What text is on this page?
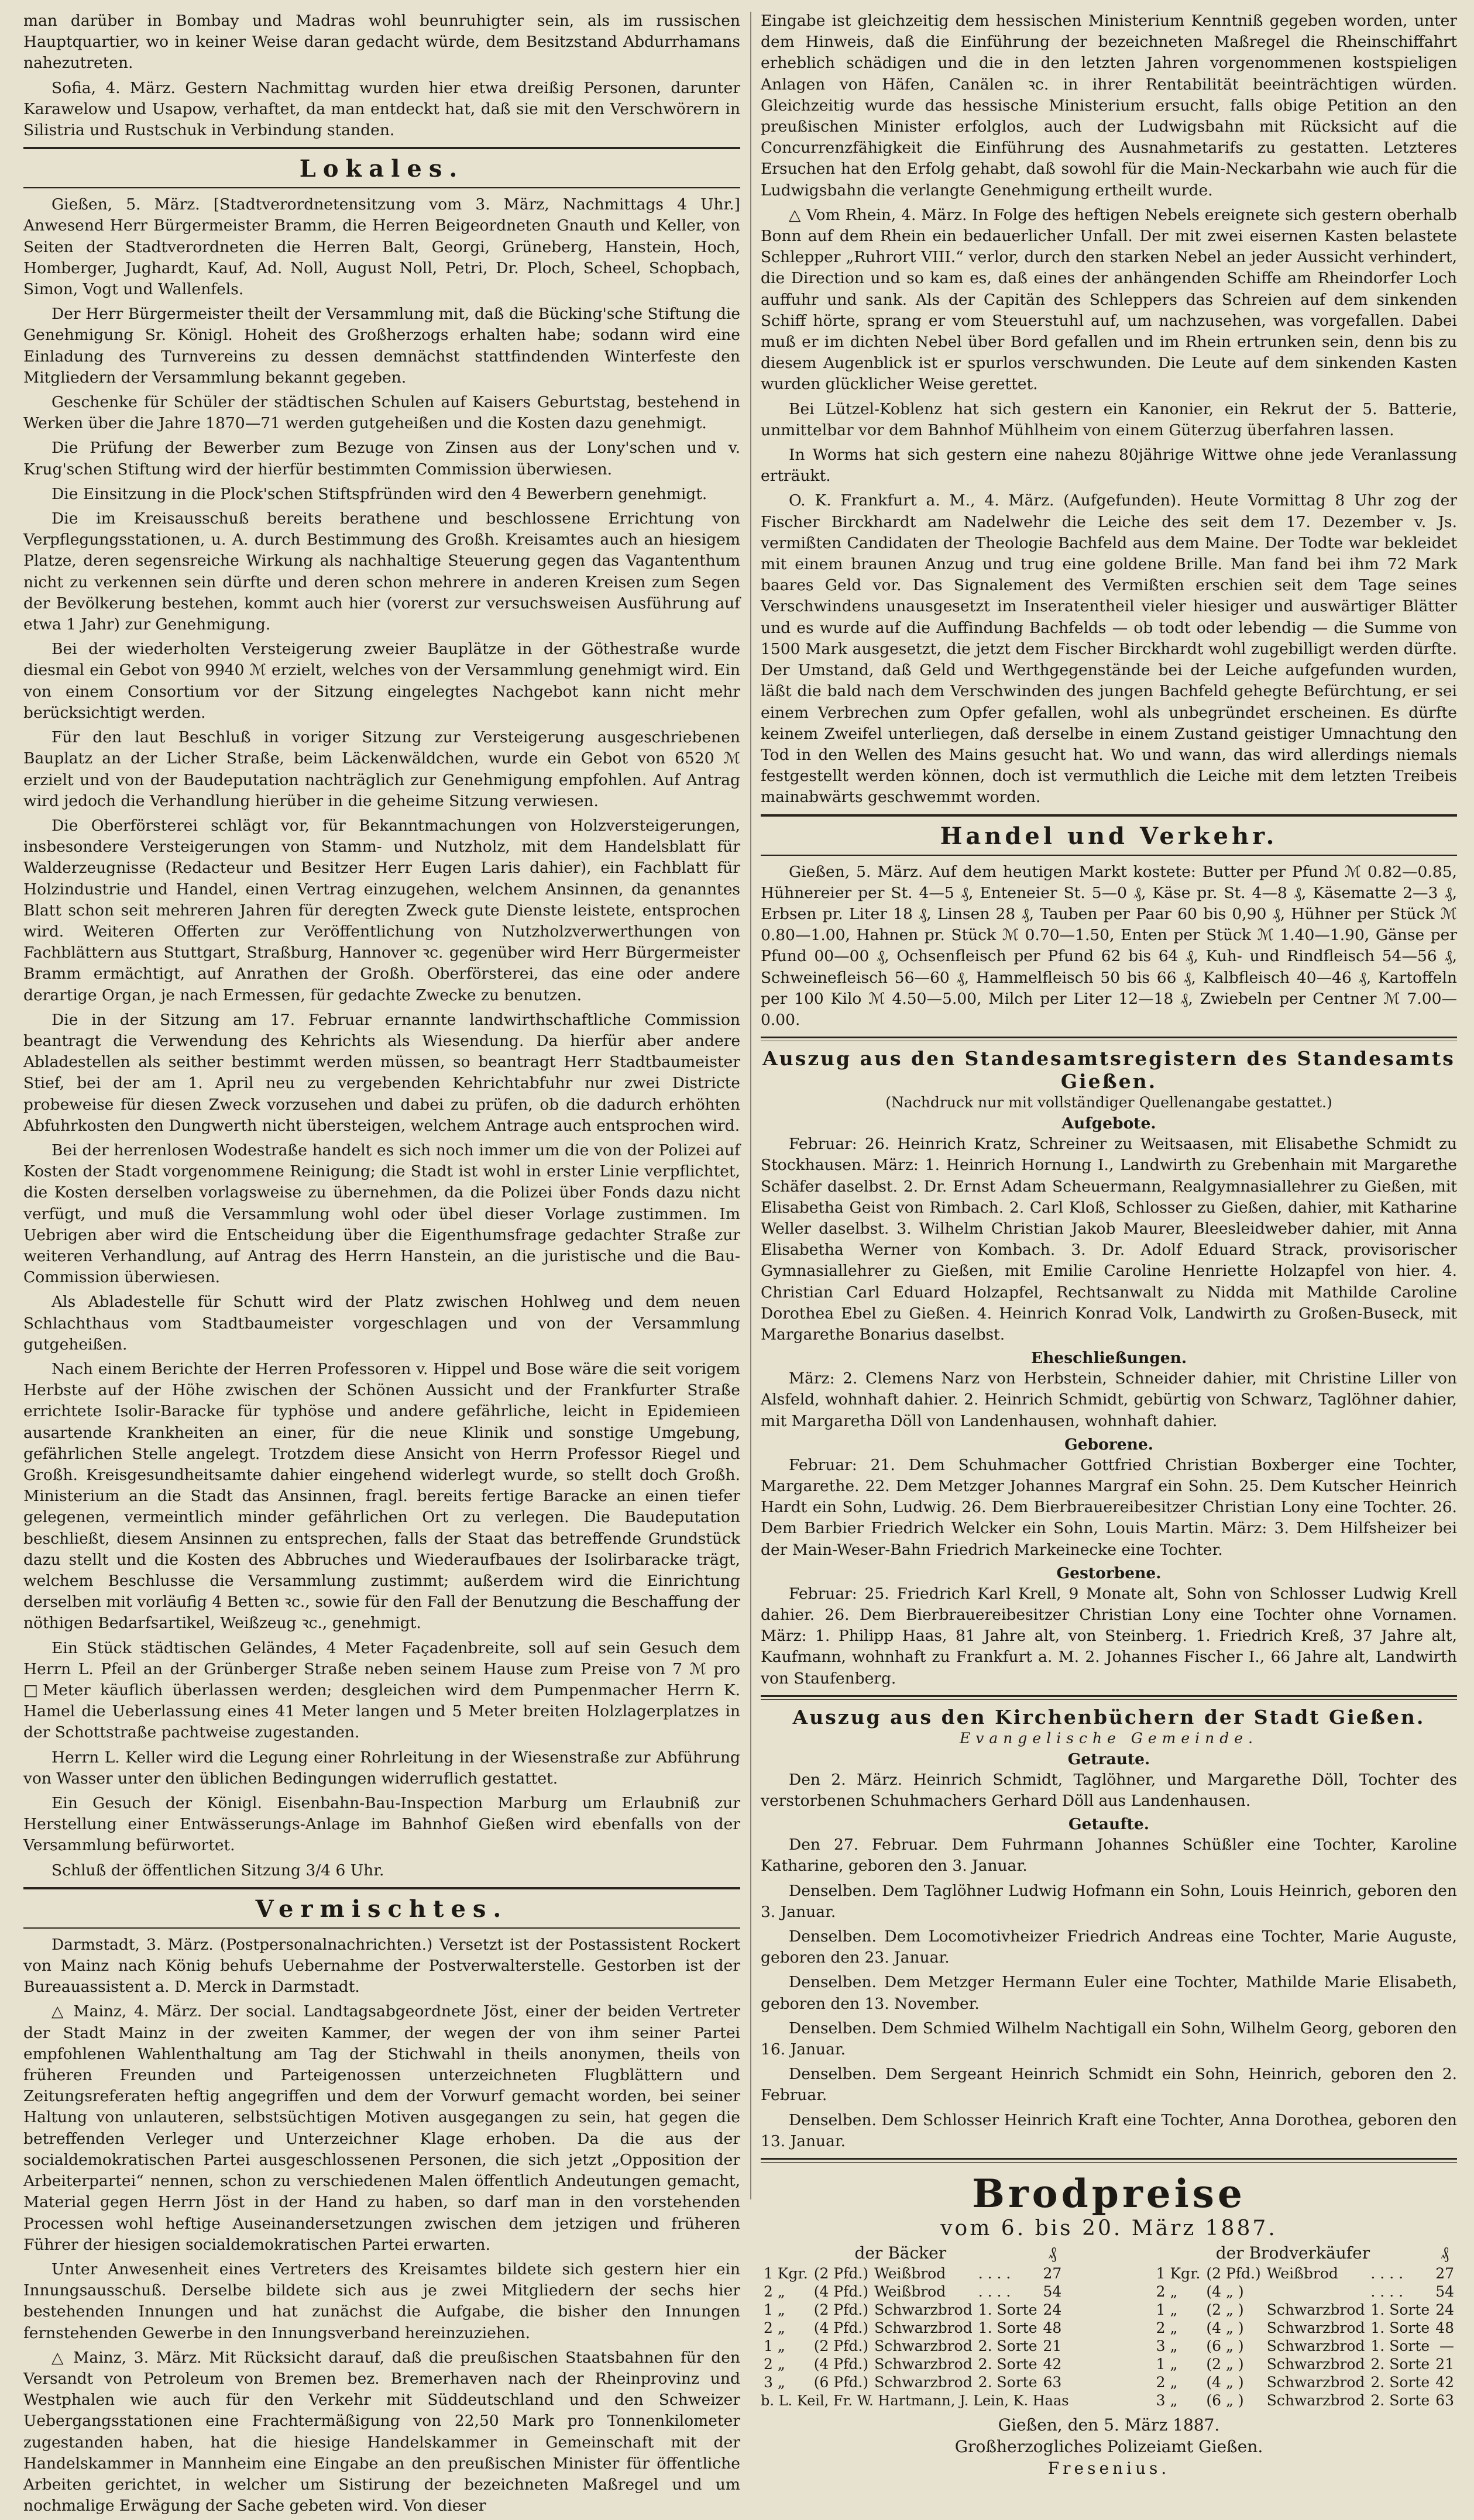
man darüber in Bombay und Madras wohl beunruhigter sein, als im russischen Hauptquartier, wo in keiner Weise daran gedacht würde, dem Besitzstand Abdurrhamans nahezutreten.

Sofia, 4. März. Gestern Nachmittag wurden hier etwa dreißig Personen, darunter Karawelow und Usapow, verhaftet, da man entdeckt hat, daß sie mit den Verschwörern in Silistria und Rustschuk in Verbindung standen.

Lokales.

Gießen, 5. März. [Stadtverordnetensitzung vom 3. März, Nachmittags 4 Uhr.] Anwesend Herr Bürgermeister Bramm, die Herren Beigeordneten Gnauth und Keller, von Seiten der Stadtverordneten die Herren Balt, Georgi, Grüneberg, Hanstein, Hoch, Homberger, Jughardt, Kauf, Ad. Noll, August Noll, Petri, Dr. Ploch, Scheel, Schopbach, Simon, Vogt und Wallenfels.

Der Herr Bürgermeister theilt der Versammlung mit, daß die Bücking'sche Stiftung die Genehmigung Sr. Königl. Hoheit des Großherzogs erhalten habe; sodann wird eine Einladung des Turnvereins zu dessen demnächst stattfindenden Winterfeste den Mitgliedern der Versammlung bekannt gegeben.

Geschenke für Schüler der städtischen Schulen auf Kaisers Geburtstag, bestehend in Werken über die Jahre 1870—71 werden gutgeheißen und die Kosten dazu genehmigt.

Die Prüfung der Bewerber zum Bezuge von Zinsen aus der Lony'schen und v. Krug'schen Stiftung wird der hierfür bestimmten Commission überwiesen.

Die Einsitzung in die Plock'schen Stiftspfründen wird den 4 Bewerbern genehmigt.

Die im Kreisausschuß bereits berathene und beschlossene Errichtung von Verpflegungsstationen, u. A. durch Bestimmung des Großh. Kreisamtes auch an hiesigem Platze, deren segensreiche Wirkung als nachhaltige Steuerung gegen das Vagantenthum nicht zu verkennen sein dürfte und deren schon mehrere in anderen Kreisen zum Segen der Bevölkerung bestehen, kommt auch hier (vorerst zur versuchsweisen Ausführung auf etwa 1 Jahr) zur Genehmigung.

Bei der wiederholten Versteigerung zweier Bauplätze in der Göthestraße wurde diesmal ein Gebot von 9940 ℳ erzielt, welches von der Versammlung genehmigt wird. Ein von einem Consortium vor der Sitzung eingelegtes Nachgebot kann nicht mehr berücksichtigt werden.

Für den laut Beschluß in voriger Sitzung zur Versteigerung ausgeschriebenen Bauplatz an der Licher Straße, beim Läckenwäldchen, wurde ein Gebot von 6520 ℳ erzielt und von der Baudeputation nachträglich zur Genehmigung empfohlen. Auf Antrag wird jedoch die Verhandlung hierüber in die geheime Sitzung verwiesen.

Die Oberförsterei schlägt vor, für Bekanntmachungen von Holzversteigerungen, insbesondere Versteigerungen von Stamm- und Nutzholz, mit dem Handelsblatt für Walderzeugnisse (Redacteur und Besitzer Herr Eugen Laris dahier), ein Fachblatt für Holzindustrie und Handel, einen Vertrag einzugehen, welchem Ansinnen, da genanntes Blatt schon seit mehreren Jahren für deregten Zweck gute Dienste leistete, entsprochen wird. Weiteren Offerten zur Veröffentlichung von Nutzholzverwerthungen von Fachblättern aus Stuttgart, Straßburg, Hannover ꝛc. gegenüber wird Herr Bürgermeister Bramm ermächtigt, auf Anrathen der Großh. Oberförsterei, das eine oder andere derartige Organ, je nach Ermessen, für gedachte Zwecke zu benutzen.

Die in der Sitzung am 17. Februar ernannte landwirthschaftliche Commission beantragt die Verwendung des Kehrichts als Wiesendung. Da hierfür aber andere Abladestellen als seither bestimmt werden müssen, so beantragt Herr Stadtbaumeister Stief, bei der am 1. April neu zu vergebenden Kehrichtabfuhr nur zwei Districte probeweise für diesen Zweck vorzusehen und dabei zu prüfen, ob die dadurch erhöhten Abfuhrkosten den Dungwerth nicht übersteigen, welchem Antrage auch entsprochen wird.

Bei der herrenlosen Wodestraße handelt es sich noch immer um die von der Polizei auf Kosten der Stadt vorgenommene Reinigung; die Stadt ist wohl in erster Linie verpflichtet, die Kosten derselben vorlagsweise zu übernehmen, da die Polizei über Fonds dazu nicht verfügt, und muß die Versammlung wohl oder übel dieser Vorlage zustimmen. Im Uebrigen aber wird die Entscheidung über die Eigenthumsfrage gedachter Straße zur weiteren Verhandlung, auf Antrag des Herrn Hanstein, an die juristische und die Bau-Commission überwiesen.

Als Abladestelle für Schutt wird der Platz zwischen Hohlweg und dem neuen Schlachthaus vom Stadtbaumeister vorgeschlagen und von der Versammlung gutgeheißen.

Nach einem Berichte der Herren Professoren v. Hippel und Bose wäre die seit vorigem Herbste auf der Höhe zwischen der Schönen Aussicht und der Frankfurter Straße errichtete Isolir-Baracke für typhöse und andere gefährliche, leicht in Epidemieen ausartende Krankheiten an einer, für die neue Klinik und sonstige Umgebung, gefährlichen Stelle angelegt. Trotzdem diese Ansicht von Herrn Professor Riegel und Großh. Kreisgesundheitsamte dahier eingehend widerlegt wurde, so stellt doch Großh. Ministerium an die Stadt das Ansinnen, fragl. bereits fertige Baracke an einen tiefer gelegenen, vermeintlich minder gefährlichen Ort zu verlegen. Die Baudeputation beschließt, diesem Ansinnen zu entsprechen, falls der Staat das betreffende Grundstück dazu stellt und die Kosten des Abbruches und Wiederaufbaues der Isolirbaracke trägt, welchem Beschlusse die Versammlung zustimmt; außerdem wird die Einrichtung derselben mit vorläufig 4 Betten ꝛc., sowie für den Fall der Benutzung die Beschaffung der nöthigen Bedarfsartikel, Weißzeug ꝛc., genehmigt.

Ein Stück städtischen Geländes, 4 Meter Façadenbreite, soll auf sein Gesuch dem Herrn L. Pfeil an der Grünberger Straße neben seinem Hause zum Preise von 7 ℳ pro □Meter käuflich überlassen werden; desgleichen wird dem Pumpenmacher Herrn K. Hamel die Ueberlassung eines 41 Meter langen und 5 Meter breiten Holzlagerplatzes in der Schottstraße pachtweise zugestanden.

Herrn L. Keller wird die Legung einer Rohrleitung in der Wiesenstraße zur Abführung von Wasser unter den üblichen Bedingungen widerruflich gestattet.

Ein Gesuch der Königl. Eisenbahn-Bau-Inspection Marburg um Erlaubniß zur Herstellung einer Entwässerungs-Anlage im Bahnhof Gießen wird ebenfalls von der Versammlung befürwortet.

Schluß der öffentlichen Sitzung 3/4 6 Uhr.

Vermischtes.

Darmstadt, 3. März. (Postpersonalnachrichten.) Versetzt ist der Postassistent Rockert von Mainz nach König behufs Uebernahme der Postverwalterstelle. Gestorben ist der Bureauassistent a. D. Merck in Darmstadt.

△ Mainz, 4. März. Der social. Landtagsabgeordnete Jöst, einer der beiden Vertreter der Stadt Mainz in der zweiten Kammer, der wegen der von ihm seiner Partei empfohlenen Wahlenthaltung am Tag der Stichwahl in theils anonymen, theils von früheren Freunden und Parteigenossen unterzeichneten Flugblättern und Zeitungsreferaten heftig angegriffen und dem der Vorwurf gemacht worden, bei seiner Haltung von unlauteren, selbstsüchtigen Motiven ausgegangen zu sein, hat gegen die betreffenden Verleger und Unterzeichner Klage erhoben. Da die aus der socialdemokratischen Partei ausgeschlossenen Personen, die sich jetzt „Opposition der Arbeiterpartei“ nennen, schon zu verschiedenen Malen öffentlich Andeutungen gemacht, Material gegen Herrn Jöst in der Hand zu haben, so darf man in den vorstehenden Processen wohl heftige Auseinandersetzungen zwischen dem jetzigen und früheren Führer der hiesigen socialdemokratischen Partei erwarten.

Unter Anwesenheit eines Vertreters des Kreisamtes bildete sich gestern hier ein Innungsausschuß. Derselbe bildete sich aus je zwei Mitgliedern der sechs hier bestehenden Innungen und hat zunächst die Aufgabe, die bisher den Innungen fernstehenden Gewerbe in den Innungsverband hereinzuziehen.

△ Mainz, 3. März. Mit Rücksicht darauf, daß die preußischen Staatsbahnen für den Versandt von Petroleum von Bremen bez. Bremerhaven nach der Rheinprovinz und Westphalen wie auch für den Verkehr mit Süddeutschland und den Schweizer Uebergangsstationen eine Frachtermäßigung von 22,50 Mark pro Tonnenkilometer zugestanden haben, hat die hiesige Handelskammer in Gemeinschaft mit der Handelskammer in Mannheim eine Eingabe an den preußischen Minister für öffentliche Arbeiten gerichtet, in welcher um Sistirung der bezeichneten Maßregel und um nochmalige Erwägung der Sache gebeten wird. Von dieser

Eingabe ist gleichzeitig dem hessischen Ministerium Kenntniß gegeben worden, unter dem Hinweis, daß die Einführung der bezeichneten Maßregel die Rheinschiffahrt erheblich schädigen und die in den letzten Jahren vorgenommenen kostspieligen Anlagen von Häfen, Canälen ꝛc. in ihrer Rentabilität beeinträchtigen würden. Gleichzeitig wurde das hessische Ministerium ersucht, falls obige Petition an den preußischen Minister erfolglos, auch der Ludwigsbahn mit Rücksicht auf die Concurrenzfähigkeit die Einführung des Ausnahmetarifs zu gestatten. Letzteres Ersuchen hat den Erfolg gehabt, daß sowohl für die Main-Neckarbahn wie auch für die Ludwigsbahn die verlangte Genehmigung ertheilt wurde.

△ Vom Rhein, 4. März. In Folge des heftigen Nebels ereignete sich gestern oberhalb Bonn auf dem Rhein ein bedauerlicher Unfall. Der mit zwei eisernen Kasten belastete Schlepper „Ruhrort VIII.“ verlor, durch den starken Nebel an jeder Aussicht verhindert, die Direction und so kam es, daß eines der anhängenden Schiffe am Rheindorfer Loch auffuhr und sank. Als der Capitän des Schleppers das Schreien auf dem sinkenden Schiff hörte, sprang er vom Steuerstuhl auf, um nachzusehen, was vorgefallen. Dabei muß er im dichten Nebel über Bord gefallen und im Rhein ertrunken sein, denn bis zu diesem Augenblick ist er spurlos verschwunden. Die Leute auf dem sinkenden Kasten wurden glücklicher Weise gerettet.

Bei Lützel-Koblenz hat sich gestern ein Kanonier, ein Rekrut der 5. Batterie, unmittelbar vor dem Bahnhof Mühlheim von einem Güterzug überfahren lassen.

In Worms hat sich gestern eine nahezu 80jährige Wittwe ohne jede Veranlassung erträukt.

O. K. Frankfurt a. M., 4. März. (Aufgefunden). Heute Vormittag 8 Uhr zog der Fischer Birckhardt am Nadelwehr die Leiche des seit dem 17. Dezember v. Js. vermißten Candidaten der Theologie Bachfeld aus dem Maine. Der Todte war bekleidet mit einem braunen Anzug und trug eine goldene Brille. Man fand bei ihm 72 Mark baares Geld vor. Das Signalement des Vermißten erschien seit dem Tage seines Verschwindens unausgesetzt im Inseratentheil vieler hiesiger und auswärtiger Blätter und es wurde auf die Auffindung Bachfelds — ob todt oder lebendig — die Summe von 1500 Mark ausgesetzt, die jetzt dem Fischer Birckhardt wohl zugebilligt werden dürfte. Der Umstand, daß Geld und Werthgegenstände bei der Leiche aufgefunden wurden, läßt die bald nach dem Verschwinden des jungen Bachfeld gehegte Befürchtung, er sei einem Verbrechen zum Opfer gefallen, wohl als unbegründet erscheinen. Es dürfte keinem Zweifel unterliegen, daß derselbe in einem Zustand geistiger Umnachtung den Tod in den Wellen des Mains gesucht hat. Wo und wann, das wird allerdings niemals festgestellt werden können, doch ist vermuthlich die Leiche mit dem letzten Treibeis mainabwärts geschwemmt worden.

Handel und Verkehr.

Gießen, 5. März. Auf dem heutigen Markt kostete: Butter per Pfund ℳ 0.82—0.85, Hühnereier per St. 4—5 ₰, Enteneier St. 5—0 ₰, Käse pr. St. 4—8 ₰, Käsematte 2—3 ₰, Erbsen pr. Liter 18 ₰, Linsen 28 ₰, Tauben per Paar 60 bis 0,90 ₰, Hühner per Stück ℳ 0.80—1.00, Hahnen pr. Stück ℳ 0.70—1.50, Enten per Stück ℳ 1.40—1.90, Gänse per Pfund 00—00 ₰, Ochsenfleisch per Pfund 62 bis 64 ₰, Kuh- und Rindfleisch 54—56 ₰, Schweinefleisch 56—60 ₰, Hammelfleisch 50 bis 66 ₰, Kalbfleisch 40—46 ₰, Kartoffeln per 100 Kilo ℳ 4.50—5.00, Milch per Liter 12—18 ₰, Zwiebeln per Centner ℳ 7.00—0.00.

Auszug aus den Standesamtsregistern des Standesamts Gießen.
(Nachdruck nur mit vollständiger Quellenangabe gestattet.)
Aufgebote.

Februar: 26. Heinrich Kratz, Schreiner zu Weitsaasen, mit Elisabethe Schmidt zu Stockhausen. März: 1. Heinrich Hornung I., Landwirth zu Grebenhain mit Margarethe Schäfer daselbst. 2. Dr. Ernst Adam Scheuermann, Realgymnasiallehrer zu Gießen, mit Elisabetha Geist von Rimbach. 2. Carl Kloß, Schlosser zu Gießen, dahier, mit Katharine Weller daselbst. 3. Wilhelm Christian Jakob Maurer, Bleesleidweber dahier, mit Anna Elisabetha Werner von Kombach. 3. Dr. Adolf Eduard Strack, provisorischer Gymnasiallehrer zu Gießen, mit Emilie Caroline Henriette Holzapfel von hier. 4. Christian Carl Eduard Holzapfel, Rechtsanwalt zu Nidda mit Mathilde Caroline Dorothea Ebel zu Gießen. 4. Heinrich Konrad Volk, Landwirth zu Großen-Buseck, mit Margarethe Bonarius daselbst.

Eheschließungen.

März: 2. Clemens Narz von Herbstein, Schneider dahier, mit Christine Liller von Alsfeld, wohnhaft dahier. 2. Heinrich Schmidt, gebürtig von Schwarz, Taglöhner dahier, mit Margaretha Döll von Landenhausen, wohnhaft dahier.

Geborene.

Februar: 21. Dem Schuhmacher Gottfried Christian Boxberger eine Tochter, Margarethe. 22. Dem Metzger Johannes Margraf ein Sohn. 25. Dem Kutscher Heinrich Hardt ein Sohn, Ludwig. 26. Dem Bierbrauereibesitzer Christian Lony eine Tochter. 26. Dem Barbier Friedrich Welcker ein Sohn, Louis Martin. März: 3. Dem Hilfsheizer bei der Main-Weser-Bahn Friedrich Markeinecke eine Tochter.

Gestorbene.

Februar: 25. Friedrich Karl Krell, 9 Monate alt, Sohn von Schlosser Ludwig Krell dahier. 26. Dem Bierbrauereibesitzer Christian Lony eine Tochter ohne Vornamen. März: 1. Philipp Haas, 81 Jahre alt, von Steinberg. 1. Friedrich Kreß, 37 Jahre alt, Kaufmann, wohnhaft zu Frankfurt a. M. 2. Johannes Fischer I., 66 Jahre alt, Landwirth von Staufenberg.

Auszug aus den Kirchenbüchern der Stadt Gießen.
Evangelische Gemeinde.
Getraute.

Den 2. März. Heinrich Schmidt, Taglöhner, und Margarethe Döll, Tochter des verstorbenen Schuhmachers Gerhard Döll aus Landenhausen.

Getaufte.

Den 27. Februar. Dem Fuhrmann Johannes Schüßler eine Tochter, Karoline Katharine, geboren den 3. Januar.

Denselben. Dem Taglöhner Ludwig Hofmann ein Sohn, Louis Heinrich, geboren den 3. Januar.

Denselben. Dem Locomotivheizer Friedrich Andreas eine Tochter, Marie Auguste, geboren den 23. Januar.

Denselben. Dem Metzger Hermann Euler eine Tochter, Mathilde Marie Elisabeth, geboren den 13. November.

Denselben. Dem Schmied Wilhelm Nachtigall ein Sohn, Wilhelm Georg, geboren den 16. Januar.

Denselben. Dem Sergeant Heinrich Schmidt ein Sohn, Heinrich, geboren den 2. Februar.

Denselben. Dem Schlosser Heinrich Kraft eine Tochter, Anna Dorothea, geboren den 13. Januar.

Brodpreise
vom 6. bis 20. März 1887.
der Bäcker				₰
1 Kgr.	(2 Pfd.)	Weißbrod	. . . .	27
2 „	(4 Pfd.)	Weißbrod	. . . .	54
1 „	(2 Pfd.)	Schwarzbrod	1. Sorte	24
2 „	(4 Pfd.)	Schwarzbrod	1. Sorte	48
1 „	(2 Pfd.)	Schwarzbrod	2. Sorte	21
2 „	(4 Pfd.)	Schwarzbrod	2. Sorte	42
3 „	(6 Pfd.)	Schwarzbrod	2. Sorte	63
b. L. Keil, Fr. W. Hartmann, J. Lein, K. Haas
der Brodverkäufer				₰
1 Kgr.	(2 Pfd.)	Weißbrod	. . . .	27
2 „	(4 „ )		. . . .	54
1 „	(2 „ )	Schwarzbrod	1. Sorte	24
2 „	(4 „ )	Schwarzbrod	1. Sorte	48
3 „	(6 „ )	Schwarzbrod	1. Sorte	—
1 „	(2 „ )	Schwarzbrod	2. Sorte	21
2 „	(4 „ )	Schwarzbrod	2. Sorte	42
3 „	(6 „ )	Schwarzbrod	2. Sorte	63
Gießen, den 5. März 1887.
Großherzogliches Polizeiamt Gießen.
Fresenius.
